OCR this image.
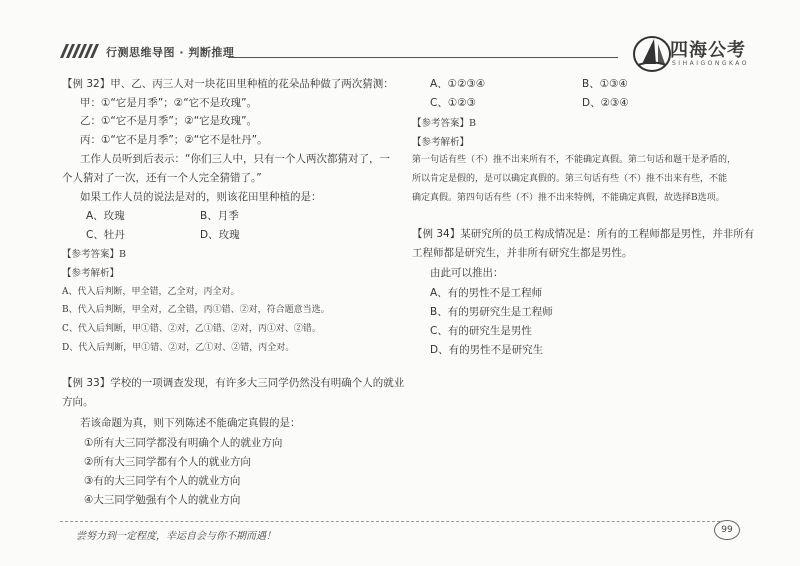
行测思维导图 · 判断推理	四海公考
SIHAIGONGKAO
【例 32】甲、乙、丙三人对一块花田里种植的花朵品种做了两次猜测：
甲：①“它是月季”；②“它不是玫瑰”。
乙：①“它不是月季”；②“它是玫瑰”。
丙：①“它不是月季”；②“它不是牡丹”。
工作人员听到后表示：“你们三人中，只有一个人两次都猜对了，一
个人猜对了一次，还有一个人完全猜错了。”
如果工作人员的说法是对的，则该花田里种植的是：
A、玫瑰	B、月季
C、牡丹	D、玫瑰
【参考答案】B
【参考解析】
A、代入后判断，甲全错，乙全对，丙全对。
B、代入后判断，甲全对，乙全错，丙①错、②对，符合题意当选。
C、代入后判断，甲①错、②对，乙①错、②对，丙①对、②错。
D、代入后判断，甲①错、②对，乙①对、②错，丙全对。
【例 33】学校的一项调查发现，有许多大三同学仍然没有明确个人的就业
方向。
若该命题为真，则下列陈述不能确定真假的是：
①所有大三同学都没有明确个人的就业方向
②所有大三同学都有个人的就业方向
③有的大三同学有个人的就业方向
④大三同学勉强有个人的就业方向
A、①②③④	B、①③④
C、①②③	D、②③④
【参考答案】B
【参考解析】
第一句话有些（不）推不出来所有不，不能确定真假。第二句话和题干是矛盾的，
所以肯定是假的，是可以确定真假的。第三句话有些（不）推不出来有些，不能
确定真假。第四句话有些（不）推不出来特例，不能确定真假，故选择B选项。
【例 34】某研究所的员工构成情况是：所有的工程师都是男性，并非所有
工程师都是研究生，并非所有研究生都是男性。
由此可以推出：
A、有的男性不是工程师
B、有的男研究生是工程师
C、有的研究生是男性
D、有的男性不是研究生
尝努力到一定程度，幸运自会与你不期而遇！
99
